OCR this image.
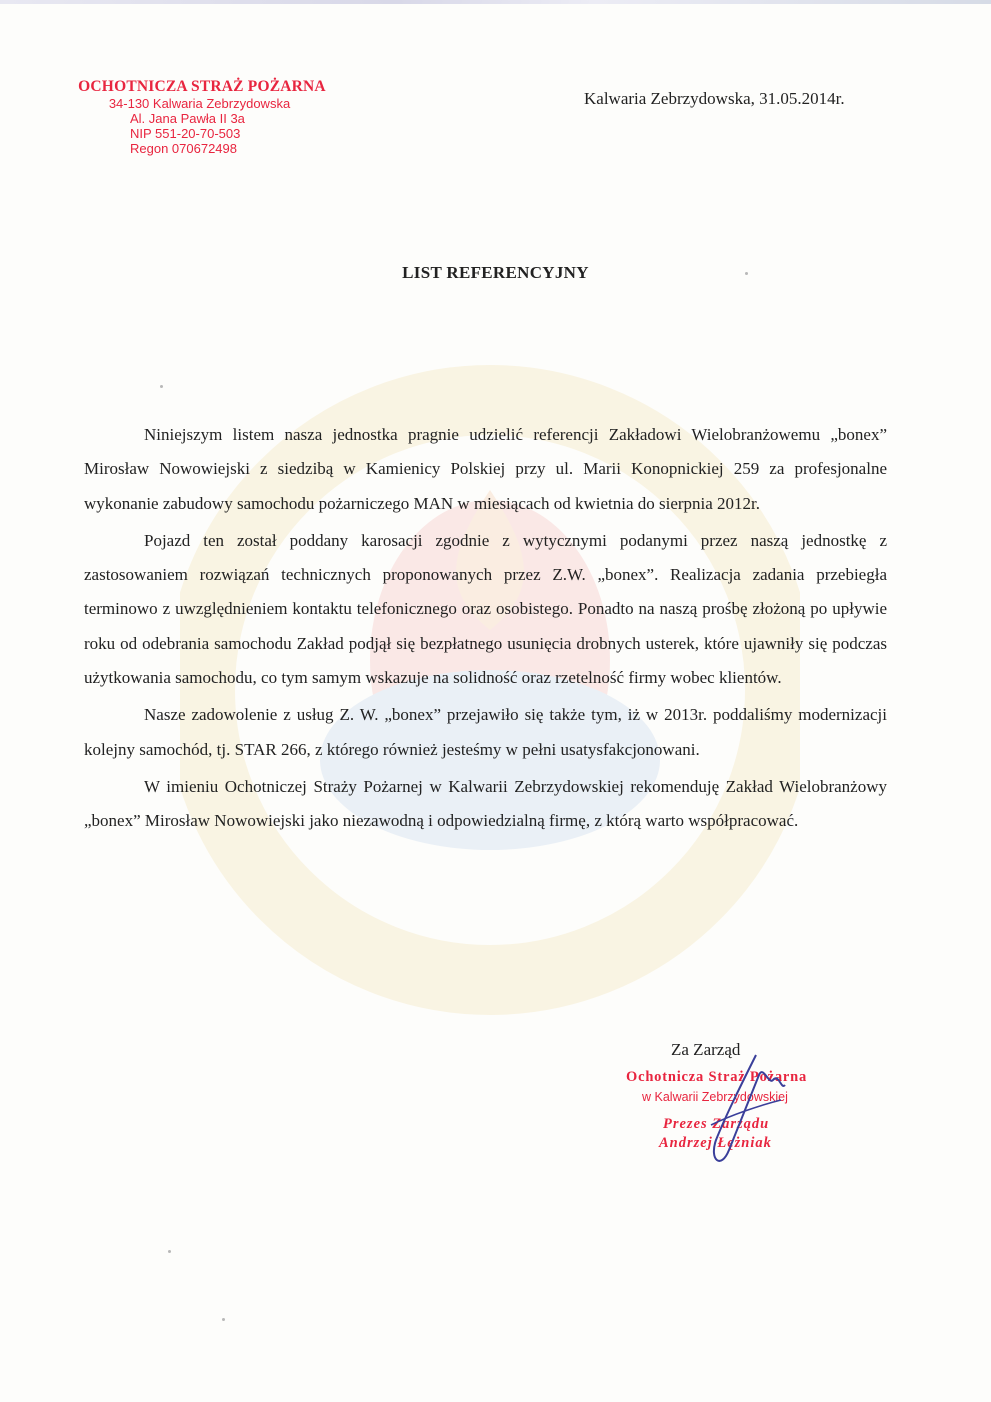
OCHOTNICZA STRAŻ POŻARNA
34-130 Kalwaria Zebrzydowska
Al. Jana Pawła II 3a
NIP 551-20-70-503
Regon 070672498
Kalwaria Zebrzydowska, 31.05.2014r.
LIST REFERENCYJNY

Niniejszym listem nasza jednostka pragnie udzielić referencji Zakładowi Wielobranżowemu „bonex” Mirosław Nowowiejski z siedzibą w Kamienicy Polskiej przy ul. Marii Konopnickiej 259 za profesjonalne wykonanie zabudowy samochodu pożarniczego MAN w miesiącach od kwietnia do sierpnia 2012r.

Pojazd ten został poddany karosacji zgodnie z wytycznymi podanymi przez naszą jednostkę z zastosowaniem rozwiązań technicznych proponowanych przez Z.W. „bonex”. Realizacja zadania przebiegła terminowo z uwzględnieniem kontaktu telefonicznego oraz osobistego. Ponadto na naszą prośbę złożoną po upływie roku od odebrania samochodu Zakład podjął się bezpłatnego usunięcia drobnych usterek, które ujawniły się podczas użytkowania samochodu, co tym samym wskazuje na solidność oraz rzetelność firmy wobec klientów.

Nasze zadowolenie z usług Z. W. „bonex” przejawiło się także tym, iż w 2013r. poddaliśmy modernizacji kolejny samochód, tj. STAR 266, z którego również jesteśmy w pełni usatysfakcjonowani.

W imieniu Ochotniczej Straży Pożarnej w Kalwarii Zebrzydowskiej rekomenduję Zakład Wielobranżowy „bonex” Mirosław Nowowiejski jako niezawodną i odpowiedzialną firmę, z którą warto współpracować.

Za Zarząd
Ochotnicza Straż Pożarna
w Kalwarii Zebrzydowskiej
Prezes Zarządu
Andrzej Łężniak
